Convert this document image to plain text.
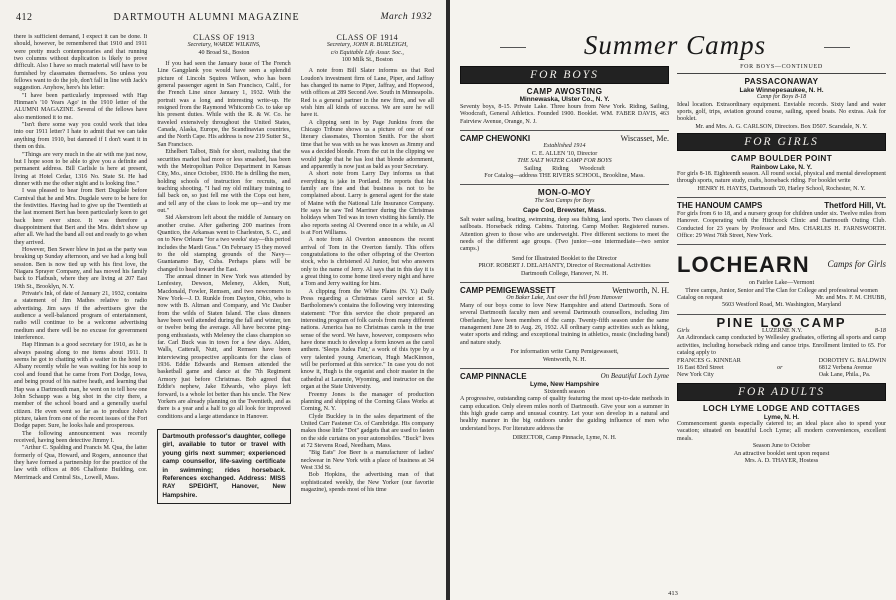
412	DARTMOUTH ALUMNI MAGAZINE	March 1932

there is sufficient demand, I expect it can be done. It should, however, be remembered that 1910 and 1911 were pretty much contemporaries and that running two columns without duplication is likely to prove difficult. Also I have so much material will have to be furnished by classmates themselves. So unless you fellows want to do the job, don't fall in line with Jack's suggestion. Anyhow, here's his letter:

"I have been particularly impressed with Hap Hinman's '10 Years Ago' in the 1910 letter of the ALUMNI MAGAZINE. Several of the fellows have also mentioned it to me.

"Isn't there some way you could work that idea into our 1911 letter? I hate to admit that we can take anything from 1910, but damned if I don't want it in them on this.

"Things are very much in the air with me just now, but I hope soon to be able to give you a definite and permanent address. Bill Carlisle is here at present, living at Hotel Cedar, 1316 No. State St. He had dinner with me the other night and is looking fine."

I was pleased to hear from Bert Dugdale before Carnival that he and Mrs. Dugdale were to be here for the festivities. Having had to give up the Twentieth at the last moment Bert has been particularly keen to get back here ever since. It was therefore a disappointment that Bert and the Mrs. didn't show up after all. We had the band all out and ready to go when they arrived.

However, Ben Sewer blew in just as the party was breaking up Sunday afternoon, and we had a long bull session. Ben is now tied up with his first love, the Niagara Sprayer Company, and has moved his family back to Flatbush, where they are living at 207 East 19th St., Brooklyn, N. Y.

Private's Ink, of date of January 21, 1932, contains a statement of Jim Mathes relative to radio advertising. Jim says if the advertisers give the audience a well-balanced program of entertainment, radio will continue to be a welcome advertising medium and there will be no excuse for government interference.

Hap Hinman is a good secretary for 1910, as he is always passing along to me items about 1911. It seems he got to chatting with a waiter in the hotel in Albany recently while he was waiting for his soup to cool and found that he came from Fort Dodge, Iowa, and being proud of his native heath, and learning that Hap was a Dartmouth man, he went on to tell how one John Schaupp was a big shot in the city there, a member of the school board and a generally useful citizen. He even went so far as to produce John's picture, taken from one of the recent issues of the Fort Dodge paper. Sure, he looks hale and prosperous.

The following announcement was recently received, having been detective Jimmy I.

"Arthur C. Spalding and Francis M. Qua, the latter formerly of Qua, Howard, and Rogers, announce that they have formed a partnership for the practice of the law with offices at 806 Chalfonte Building, cor. Merrimack and Central Sts., Lowell, Mass.

CLASS OF 1913
Secretary, WARDE WILKINS,
40 Broad St., Boston

If you had seen the January issue of The French Line Gangplank you would have seen a splendid picture of Lincoln Squires Wilson, who has been general passenger agent in San Francisco, Calif., for the French Line since January 1, 1932. With the portrait was a long and interesting write-up. He resigned from the Raymond Whitcomb Co. to take up his present duties. While with the R. & W. Co. he traveled extensively throughout the United States, Canada, Alaska, Europe, the Scandinavian countries, and the North Cape. His address is now 219 Sutter St., San Francisco.

Ethelbert Talbot, Bish for short, realizing that the securities market had more or less smashed, has been with the Metropolitan Police Department in Kansas City, Mo., since October, 1930. He is drilling the men, holding schools of instruction for recruits, and teaching shooting. "I had my old military training to fall back on, so just fell me with the Cops out here, and tell any of the class to look me up—and try me out."

Sid Akerstrom left about the middle of January on another cruise. After gathering 200 marines from Quantico, the Arkansas went to Charleston, S. C., and on to New Orleans "for a two weeks' stay—this period includes the Mardi Gras." On February 15 they moved to the old stamping grounds of the Navy—Guantanamo Bay, Cuba. Perhaps plans will be changed to head toward the East.

The annual dinner in New York was attended by Lenfestey, Dewson, Meleney, Alden, Nutt, Macdonald, Fowler, Remsen, and two newcomers to New York—J. D. Runkle from Dayton, Ohio, who is now with B. Altman and Company, and Vic Dauber from the wilds of Staten Island. The class dinners have been well attended during the fall and winter, ten or twelve being the average. All have become ping-pong enthusiasts, with Meleney the class champion so far. Carl Buck was in town for a few days. Alden, Walls, Catterall, Nutt, and Remsen have been interviewing prospective applicants for the class of 1936. Eddie Edwards and Remsen attended the basketball game and dance at the 7th Regiment Armory just before Christmas. Bob agreed that Eddie's nephew, Jake Edwards, who plays left forward, is a whole lot better than his uncle. The New Yorkers are already planning on the Twentieth, and as there is a year and a half to go all look for improved conditions and a large attendance in Hanover.

Dartmouth professor's daughter, college girl, available to tutor or travel with young girls next summer; experienced camp counsellor, life-saving certificate in swimming; rides horseback. References exchanged. Address: MISS RAY SPEIGHT, Hanover, New Hampshire.
CLASS OF 1914
Secretary, JOHN R. BURLEIGH,
c/o Equitable Life Assur. Soc.,
100 Milk St., Boston

A note from Bill Slater informs us that Red Loudon's investment firm of Lane, Piper, and Jaffray has changed its name to Piper, Jaffray, and Hopwood, with offices at 289 Second Ave. South in Minneapolis. Red is a general partner in the new firm, and we all wish him all kinds of success. We are sure he will have it.

A clipping sent in by Page Junkins from the Chicago Tribune shows us a picture of one of our literary classmates, Thornton Smith. For the short time that he was with us he was known as Jimmy and was a decided blonde. From the cut in the clipping we would judge that he has lost that blonde adornment, and apparently is now just as bald as your Secretary.

A short note from Larry Day informs us that everything is jake in Portland. He reports that his family are fine and that business is not to be complained about. Larry is general agent for the state of Maine with the National Life Insurance Company. He says he saw Ted Marriner during the Christmas holidays when Ted was in town visiting his family. He also reports seeing Al Overend once in a while, as Al is at Fort Williams.

A note from Al Overton announces the recent arrival of Tom in the Overton family. This offers congratulations to the other offspring of the Overton stock, who is christened Al Junior, but who answers only to the name of Jerry. Al says that in this day it is a great thing to come home tired every night and have a Tom and Jerry waiting for him.

A clipping from the White Plains (N. Y.) Daily Press regarding a Christmas carol service at St. Bartholomew's contains the following very interesting statement: "For this service the choir prepared an interesting program of folk carols from many different nations. America has no Christmas carols in the true sense of the word. We have, however, composers who have done much to develop a form known as the carol anthem. 'Sleeps Judea Fair,' a work of this type by a very talented young American, Hugh MacKinnon, will be performed at this service." In case you do not know it, Hugh is the organist and choir master in the cathedral at Laramie, Wyoming, and instructor on the organ at the State University.

Freemy Jones is the manager of production planning and shipping of the Corning Glass Works at Corning, N. Y.

Clyde Buckley is in the sales department of the United Carr Fastener Co. of Cambridge. His company makes those little "Dot" gadgets that are used to fasten on the side curtains on your automobiles. "Buck" lives at 72 Stevens Road, Needham, Mass.

"Big Eats" Joe Beer is a manufacturer of ladies' neckwear in New York with a place of business at 34 West 33d St.

Bob Hopkins, the advertising man of that sophisticated weekly, the New Yorker (our favorite magazine), spends most of his time

Summer Camps
FOR BOYS
CAMP AWOSTING
Minnewaska, Ulster Co., N. Y.

Seventy boys, 8-15. Private Lake. Three hours from New York. Riding, Sailing, Woodcraft, General Athletics. Founded 1900. Booklet. WM. FABER DAVIS, 463 Fairview Avenue, Orange, N. J.

CAMP CHEWONKI	Wiscasset, Me.
Established 1914
C. E. ALLEN '10, Director
THE SALT WATER CAMP FOR BOYS
Sailing       Riding       Woodcraft
For Catalog—address THE RIVERS SCHOOL, Brookline, Mass.
MON-O-MOY
The Sea Camps for Boys
Cape Cod, Brewster, Mass.

Salt water sailing, boating, swimming, deep sea fishing, land sports. Two classes of sailboats. Horseback riding. Cabins. Tutoring. Camp Mother. Registered nurses. Attention given to those who are underweight. Five different sections to meet the needs of the different age groups. (Two junior—one intermediate—two senior camps.)

Send for Illustrated Booklet to the Director
PROF. ROBERT J. DELAHANTY, Director of Recreational Activities
Dartmouth College, Hanover, N. H.
CAMP PEMIGEWASSETT	Wentworth, N. H.
On Baker Lake, Just over the hill from Hanover

Many of our boys come to love New Hampshire and attend Dartmouth. Sons of several Dartmouth faculty men and several Dartmouth counsellors, including Jim Oberlander, have been members of the camp. Twenty-fifth season under the same management June 28 to Aug. 26, 1932. All ordinary camp activities such as hiking, water sports and riding; and exceptional training in athletics, music (including band) and nature study.

For information write Camp Pemigewassett,
Wentworth, N. H.
CAMP PINNACLE	On Beautiful Loch Lyme
Lyme, New Hampshire
Sixteenth season

A progressive, outstanding camp of quality featuring the most up-to-date methods in camp education. Only eleven miles north of Dartmouth. Give your son a summer in this high grade camp and unusual country. Let your son develop in a natural and healthy manner in the big outdoors under the guiding influence of men who understand boys. For literature address the

DIRECTOR, Camp Pinnacle, Lyme, N. H.
FOR BOYS—CONTINUED
PASSACONAWAY
Lake Winnepesaukee, N. H.
Camp for Boys 8-18

Ideal location. Extraordinary equipment. Enviable records. Sixty land and water sports, golf, trips, aviation ground course, sailing, speed boats. No extras. Ask for booklet.

Mr. and Mrs. A. G. CARLSON, Directors. Box D507. Scarsdale, N. Y.
FOR GIRLS
CAMP BOULDER POINT
Rainbow Lake, N. Y.

For girls 8-18. Eighteenth season. All round social, physical and mental development through sports, nature study, crafts, horseback riding. For booklet write

HENRY H. HAYES, Dartmouth '20, Harley School, Rochester, N. Y.
THE HANOUM CAMPS	Thetford Hill, Vt.

For girls from 6 to 18, and a nursery group for children under six. Twelve miles from Hanover. Cooperating with the Hitchcock Clinic and Dartmouth Outing Club. Conducted for 23 years by Professor and Mrs. CHARLES H. FARNSWORTH. Office: 29 West 76th Street, New York.

LOCHEARN Camps for Girls
on Fairlee Lake—Vermont
Three camps, Junior, Senior and The Clan for College and professional women
Catalog on request	Mr. and Mrs. F. M. CHUBB,
5603 Westford Road, Mt. Washington, Maryland
PINE LOG CAMP
Girls	LUZERNE N.Y.	8-18

An Adirondack camp conducted by Wellesley graduates, offering all sports and camp activities, including horseback riding and canoe trips. Enrollment limited to 65. For catalog apply to

FRANCES G. KINNEAR
16 East 83rd Street
New York City
or
DOROTHY G. BALDWIN
6812 Verbena Avenue
Oak Lane, Phila., Pa.
FOR ADULTS
LOCH LYME LODGE AND COTTAGES
Lyme, N. H.

Commencement guests especially catered to; an ideal place also to spend your vacation; situated on beautiful Loch Lyme; all modern conveniences, excellent meals.

Season June to October
An attractive booklet sent upon request
Mrs. A. D. THAYER, Hostess
413
